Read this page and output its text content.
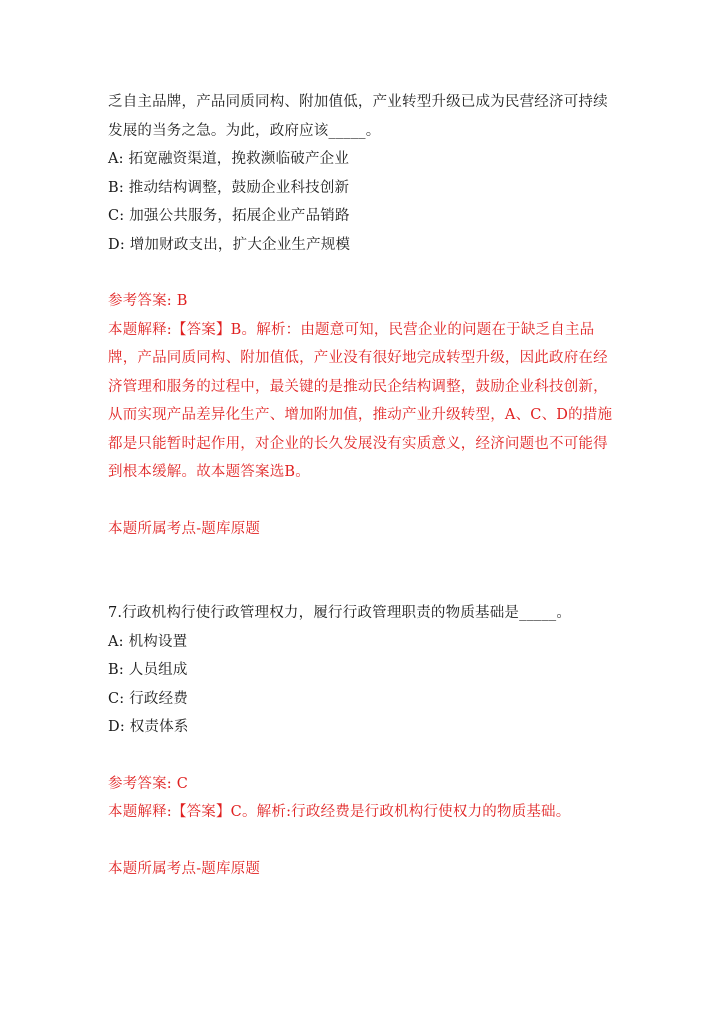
乏自主品牌，产品同质同构、附加值低，产业转型升级已成为民营经济可持续
发展的当务之急。为此，政府应该_____。
A: 拓宽融资渠道，挽救濒临破产企业
B: 推动结构调整，鼓励企业科技创新
C: 加强公共服务，拓展企业产品销路
D: 增加财政支出，扩大企业生产规模
参考答案: B
本题解释:【答案】B。解析：由题意可知，民营企业的问题在于缺乏自主品
牌，产品同质同构、附加值低，产业没有很好地完成转型升级，因此政府在经
济管理和服务的过程中，最关键的是推动民企结构调整，鼓励企业科技创新，
从而实现产品差异化生产、增加附加值，推动产业升级转型，A、C、D的措施
都是只能暂时起作用，对企业的长久发展没有实质意义，经济问题也不可能得
到根本缓解。故本题答案选B。
本题所属考点-题库原题
7.行政机构行使行政管理权力，履行行政管理职责的物质基础是_____。
A: 机构设置
B: 人员组成
C: 行政经费
D: 权责体系
参考答案: C
本题解释:【答案】C。解析:行政经费是行政机构行使权力的物质基础。
本题所属考点-题库原题
